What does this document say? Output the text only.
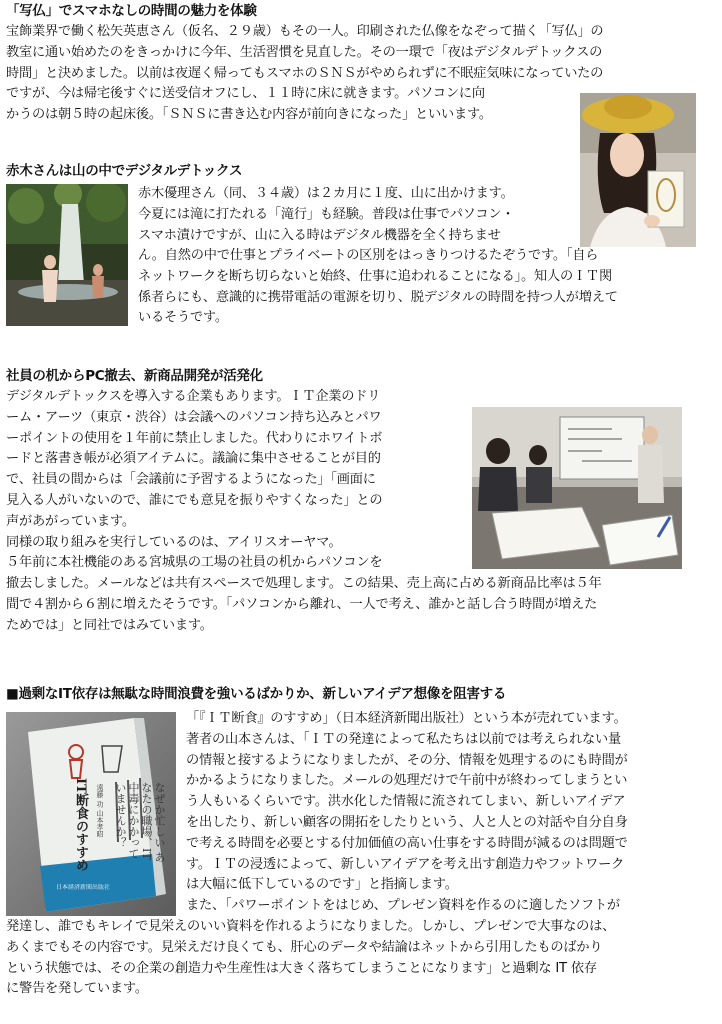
「写仏」でスマホなしの時間の魅力を体験
宝飾業界で働く松矢英恵さん（仮名、２９歳）もその一人。印刷された仏像をなぞって描く「写仏」の
教室に通い始めたのをきっかけに今年、生活習慣を見直した。その一環で「夜はデジタルデトックスの
時間」と決めました。以前は夜遅く帰ってもスマホのＳＮＳがやめられずに不眠症気味になっていたの
ですが、今は帰宅後すぐに送受信オフにし、１１時に床に就きます。パソコンに向
かうのは朝５時の起床後。「ＳＮＳに書き込む内容が前向きになった」といいます。
赤木さんは山の中でデジタルデトックス
赤木優理さん（同、３４歳）は２カ月に１度、山に出かけます。
今夏には滝に打たれる「滝行」も経験。普段は仕事でパソコン・
スマホ漬けですが、山に入る時はデジタル機器を全く持ちませ
ん。自然の中で仕事とプライベートの区別をはっきりつけるたぞうです。「自ら
ネットワークを断ち切らないと始終、仕事に追われることになる」。知人のＩＴ関
係者らにも、意識的に携帯電話の電源を切り、脱デジタルの時間を持つ人が増えて
いるそうです。
社員の机からPC撤去、新商品開発が活発化
デジタルデトックスを導入する企業もあります。ＩＴ企業のドリ
ーム・アーツ（東京・渋谷）は会議へのパソコン持ち込みとパワ
ーポイントの使用を１年前に禁止しました。代わりにホワイトボ
ードと落書き帳が必須アイテムに。議論に集中させることが目的
で、社員の間からは「会議前に予習するようになった」「画面に
見入る人がいないので、誰にでも意見を振りやすくなった」との
声があがっています。
同様の取り組みを実行しているのは、アイリスオーヤマ。
５年前に本社機能のある宮城県の工場の社員の机からパソコンを
撤去しました。メールなどは共有スペースで処理します。この結果、売上高に占める新商品比率は５年
間で４割から６割に増えたそうです。「パソコンから離れ、一人で考え、誰かと話し合う時間が増えた
ためでは」と同社ではみています。
■過剰なIT依存は無駄な時間浪費を強いるばかりか、新しいアイデア想像を阻害する
IT断食のすすめ 遠藤 功 山本孝昭	なぜか忙しい あなたの職場、IT中毒にかかっていませんか？
日本経済新聞出版社
「『ＩＴ断食』のすすめ」（日本経済新聞出版社）という本が売れています。
著者の山本さんは、「ＩＴの発達によって私たちは以前では考えられない量
の情報と接するようになりましたが、その分、情報を処理するのにも時間が
かかるようになりました。メールの処理だけで午前中が終わってしまうとい
う人もいるくらいです。洪水化した情報に流されてしまい、新しいアイデア
を出したり、新しい顧客の開拓をしたりという、人と人との対話や自分自身
で考える時間を必要とする付加価値の高い仕事をする時間が減るのは問題で
す。ＩＴの浸透によって、新しいアイデアを考え出す創造力やフットワーク
は大幅に低下しているのです」と指摘します。
また、「パワーポイントをはじめ、プレゼン資料を作るのに適したソフトが
発達し、誰でもキレイで見栄えのいい資料を作れるようになりました。しかし、プレゼンで大事なのは、
あくまでもその内容です。見栄えだけ良くても、肝心のデータや結論はネットから引用したものばかり
という状態では、その企業の創造力や生産性は大きく落ちてしまうことになります」と過剰な IT 依存
に警告を発しています。
